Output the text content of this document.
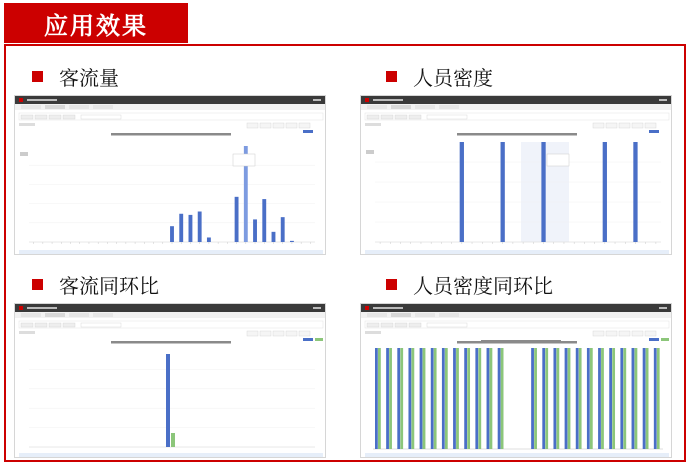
应用效果
客流量	人员密度
客流同环比	人员密度同环比
